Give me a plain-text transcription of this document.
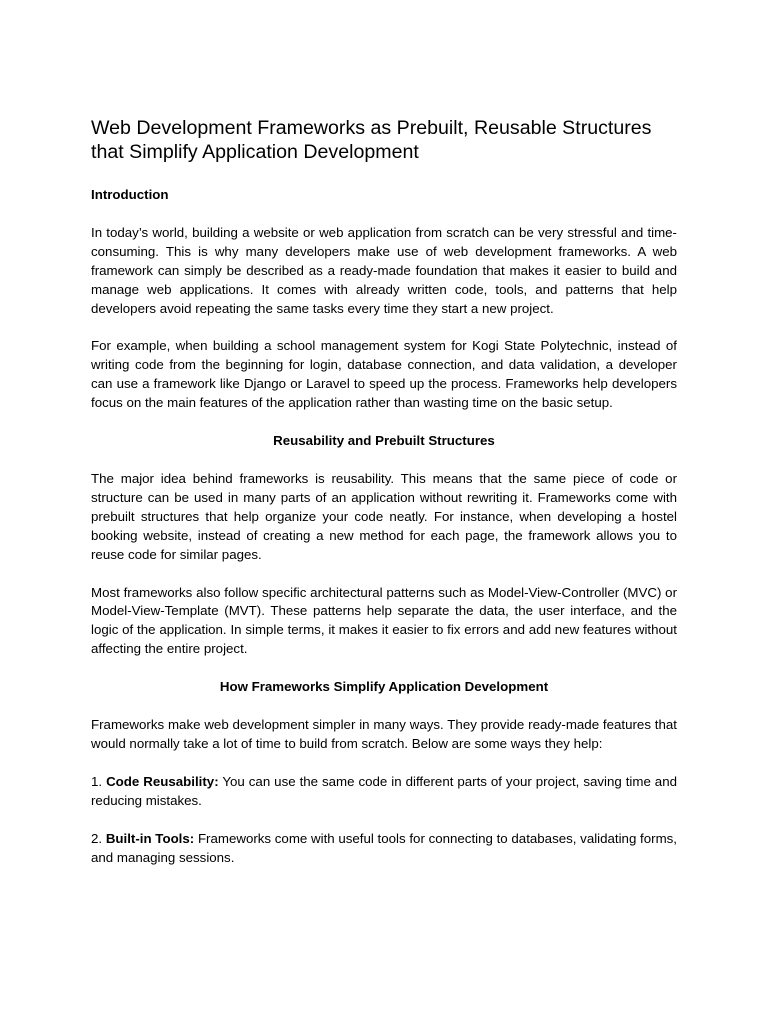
Web Development Frameworks as Prebuilt, Reusable Structures that Simplify Application Development
Introduction

In today’s world, building a website or web application from scratch can be very stressful and time-consuming. This is why many developers make use of web development frameworks. A web framework can simply be described as a ready-made foundation that makes it easier to build and manage web applications. It comes with already written code, tools, and patterns that help developers avoid repeating the same tasks every time they start a new project.

For example, when building a school management system for Kogi State Polytechnic, instead of writing code from the beginning for login, database connection, and data validation, a developer can use a framework like Django or Laravel to speed up the process. Frameworks help developers focus on the main features of the application rather than wasting time on the basic setup.

Reusability and Prebuilt Structures

The major idea behind frameworks is reusability. This means that the same piece of code or structure can be used in many parts of an application without rewriting it. Frameworks come with prebuilt structures that help organize your code neatly. For instance, when developing a hostel booking website, instead of creating a new method for each page, the framework allows you to reuse code for similar pages.

Most frameworks also follow specific architectural patterns such as Model-View-Controller (MVC) or Model-View-Template (MVT). These patterns help separate the data, the user interface, and the logic of the application. In simple terms, it makes it easier to fix errors and add new features without affecting the entire project.

How Frameworks Simplify Application Development

Frameworks make web development simpler in many ways. They provide ready-made features that would normally take a lot of time to build from scratch. Below are some ways they help:

1. Code Reusability: You can use the same code in different parts of your project, saving time and reducing mistakes.

2. Built-in Tools: Frameworks come with useful tools for connecting to databases, validating forms, and managing sessions.
